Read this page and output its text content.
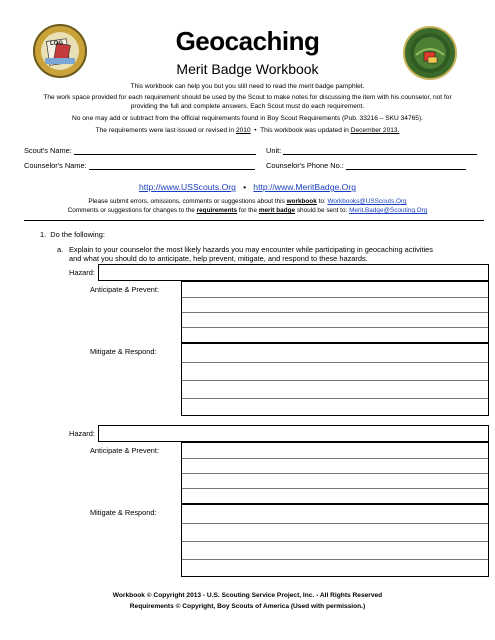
LOG	Geocaching
Merit Badge Workbook
This workbook can help you but you still need to read the merit badge pamphlet.
The work space provided for each requirement should be used by the Scout to make notes for discussing the item with his counselor, not for
providing the full and complete answers. Each Scout must do each requirement.
No one may add or subtract from the official requirements found in Boy Scout Requirements (Pub. 33216 – SKU 34765).
The requirements were last issued or revised in 2010 • This workbook was updated in December 2013.
Scout's Name:	Unit:
Counselor's Name:	Counselor's Phone No.:
http://www.USScouts.Org • http://www.MeritBadge.Org
Please submit errors, omissions, comments or suggestions about this workbook to: Workbooks@USScouts.Org
Comments or suggestions for changes to the requirements for the merit badge should be sent to: Merit.Badge@Scouting.Org
1. Do the following:
a. Explain to your counselor the most likely hazards you may encounter while participating in geocaching activities
and what you should do to anticipate, help prevent, mitigate, and respond to these hazards.
Hazard:
Anticipate & Prevent:
Mitigate & Respond:
Hazard:
Anticipate & Prevent:
Mitigate & Respond:
Workbook © Copyright 2013 - U.S. Scouting Service Project, Inc. - All Rights Reserved
Requirements © Copyright, Boy Scouts of America (Used with permission.)
